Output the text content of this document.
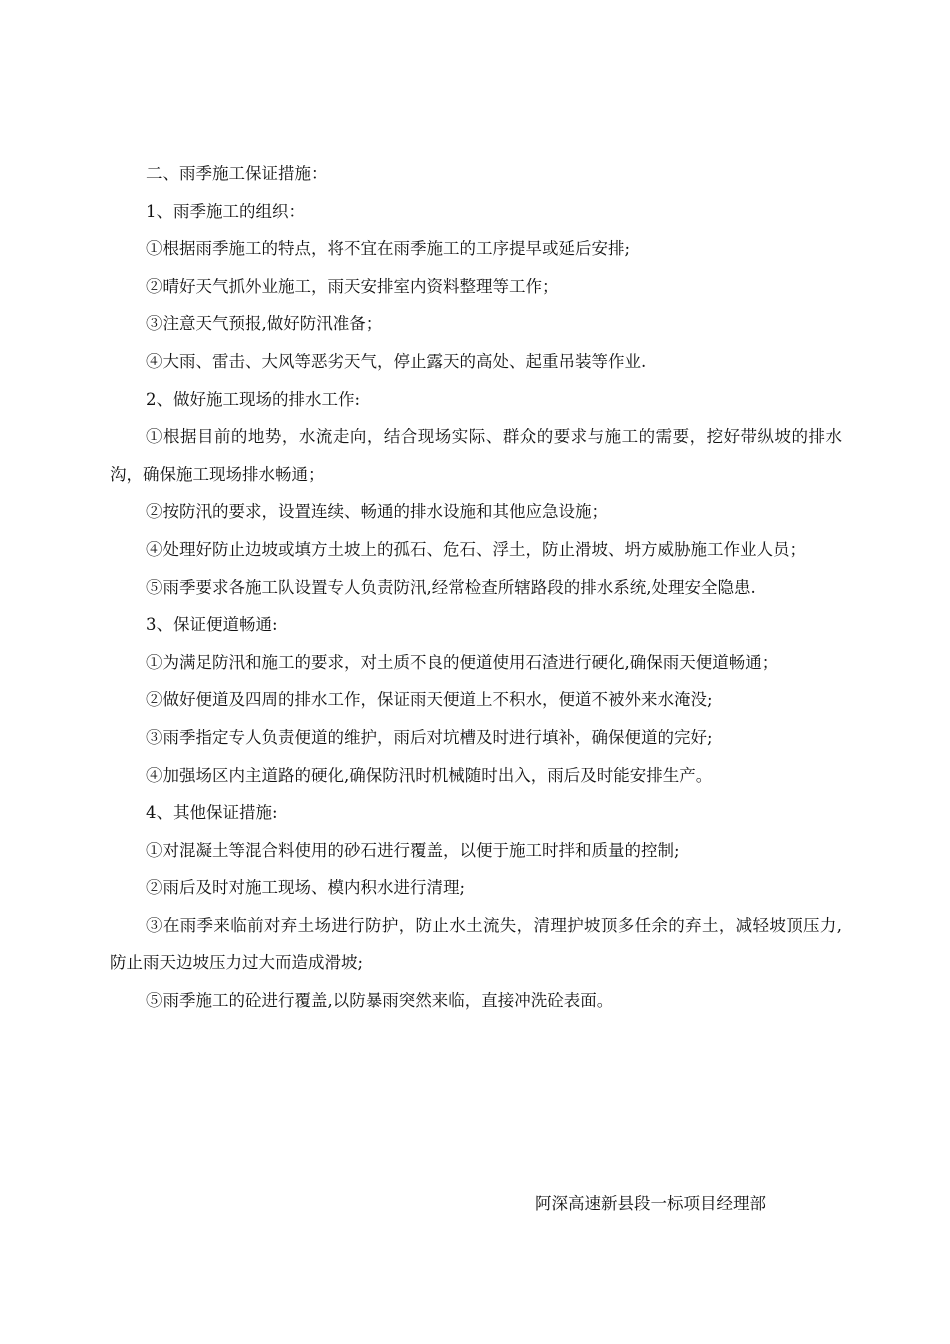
二、雨季施工保证措施：

1、雨季施工的组织：

①根据雨季施工的特点，将不宜在雨季施工的工序提早或延后安排;

②晴好天气抓外业施工，雨天安排室内资料整理等工作；

③注意天气预报,做好防汛准备；

④大雨、雷击、大风等恶劣天气，停止露天的高处、起重吊装等作业.

2、做好施工现场的排水工作:

①根据目前的地势，水流走向，结合现场实际、群众的要求与施工的需要，挖好带纵坡的排水沟，确保施工现场排水畅通；

②按防汛的要求，设置连续、畅通的排水设施和其他应急设施；

④处理好防止边坡或填方土坡上的孤石、危石、浮土，防止滑坡、坍方威胁施工作业人员；

⑤雨季要求各施工队设置专人负责防汛,经常检查所辖路段的排水系统,处理安全隐患.

3、保证便道畅通:

①为满足防汛和施工的要求，对土质不良的便道使用石渣进行硬化,确保雨天便道畅通；

②做好便道及四周的排水工作，保证雨天便道上不积水，便道不被外来水淹没;

③雨季指定专人负责便道的维护，雨后对坑槽及时进行填补，确保便道的完好;

④加强场区内主道路的硬化,确保防汛时机械随时出入，雨后及时能安排生产。

4、其他保证措施:

①对混凝土等混合料使用的砂石进行覆盖，以便于施工时拌和质量的控制;

②雨后及时对施工现场、模内积水进行清理;

③在雨季来临前对弃土场进行防护，防止水土流失，清理护坡顶多任余的弃土，减轻坡顶压力,防止雨天边坡压力过大而造成滑坡;

⑤雨季施工的砼进行覆盖,以防暴雨突然来临，直接冲洗砼表面。

阿深高速新县段一标项目经理部
